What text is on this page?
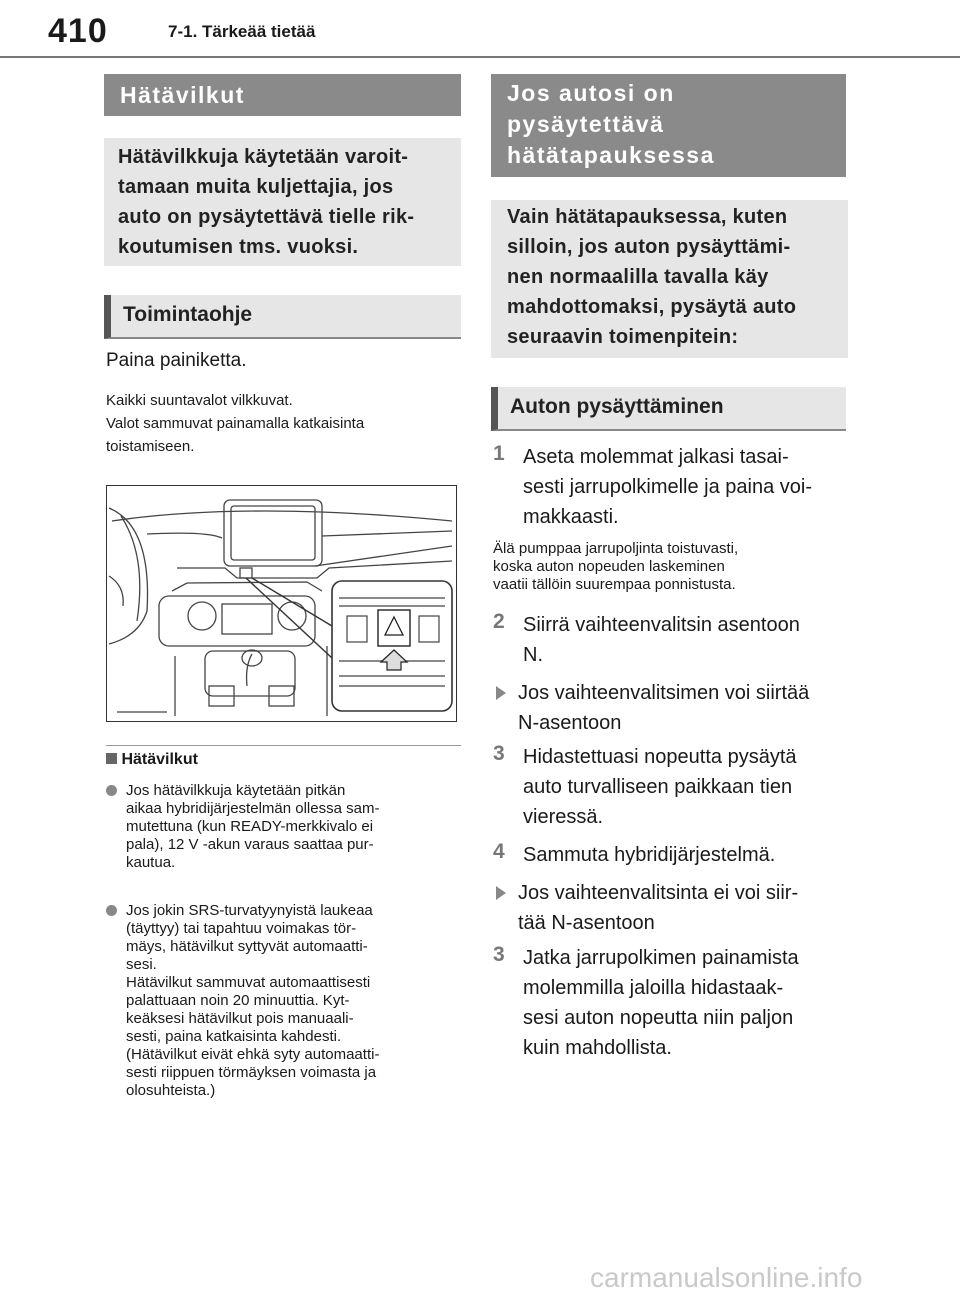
410	7-1. Tärkeää tietää
Hätävilkut
Hätävilkkuja käytetään varoit-
tamaan muita kuljettajia, jos
auto on pysäytettävä tielle rik-
koutumisen tms. vuoksi.
Toimintaohje
Paina painiketta.
Kaikki suuntavalot vilkkuvat.
Valot sammuvat painamalla katkaisinta
toistamiseen.
Hätävilkut
Jos hätävilkkuja käytetään pitkän
aikaa hybridijärjestelmän ollessa sam-
mutettuna (kun READY-merkkivalo ei
pala), 12 V -akun varaus saattaa pur-
kautua.
Jos jokin SRS-turvatyynyistä laukeaa
(täyttyy) tai tapahtuu voimakas tör-
mäys, hätävilkut syttyvät automaatti-
sesi.
Hätävilkut sammuvat automaattisesti
palattuaan noin 20 minuuttia. Kyt-
keäksesi hätävilkut pois manuaali-
sesti, paina katkaisinta kahdesti.
(Hätävilkut eivät ehkä syty automaatti-
sesti riippuen törmäyksen voimasta ja
olosuhteista.)
Jos autosi on
pysäytettävä
hätätapauksessa
Vain hätätapauksessa, kuten
silloin, jos auton pysäyttämi-
nen normaalilla tavalla käy
mahdottomaksi, pysäytä auto
seuraavin toimenpitein:
Auton pysäyttäminen
1 Aseta molemmat jalkasi tasai-
sesti jarrupolkimelle ja paina voi-
makkaasti.
Älä pumppaa jarrupoljinta toistuvasti,
koska auton nopeuden laskeminen
vaatii tällöin suurempaa ponnistusta.
2 Siirrä vaihteenvalitsin asentoon
N.
Jos vaihteenvalitsimen voi siirtää
N-asentoon
3 Hidastettuasi nopeutta pysäytä
auto turvalliseen paikkaan tien
vieressä.
4 Sammuta hybridijärjestelmä.
Jos vaihteenvalitsinta ei voi siir-
tää N-asentoon
3 Jatka jarrupolkimen painamista
molemmilla jaloilla hidastaak-
sesi auton nopeutta niin paljon
kuin mahdollista.
carmanualsonline.info
